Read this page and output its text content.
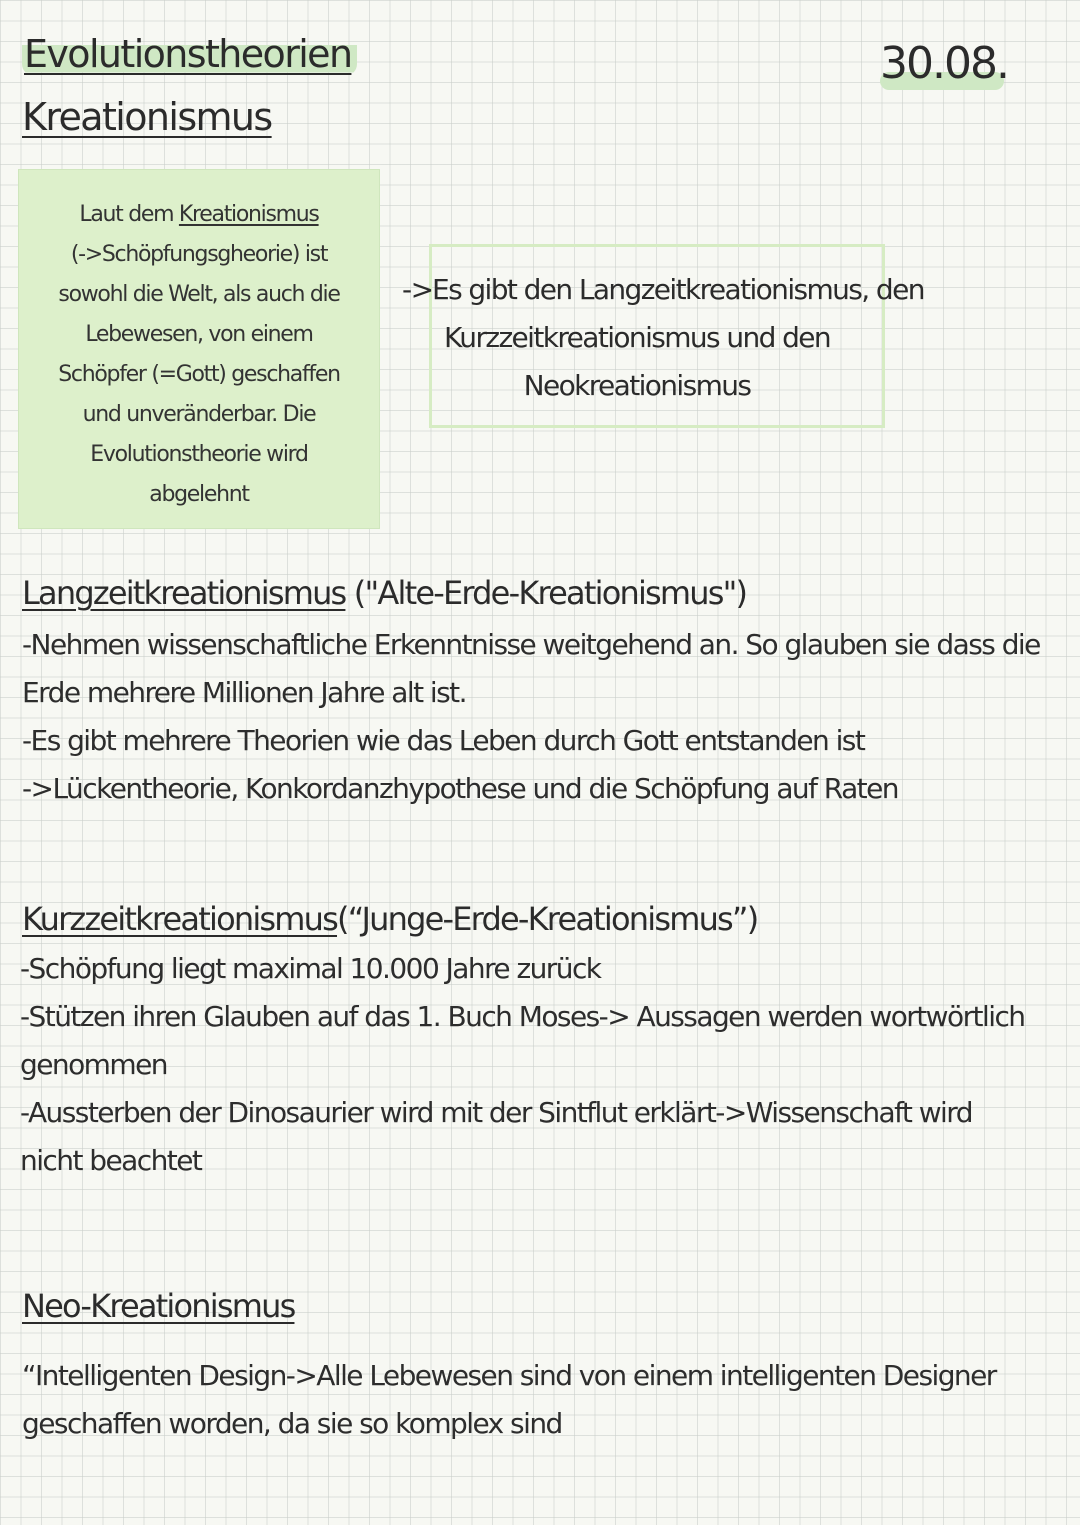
Evolutionstheorien
Kreationismus
30.08.
Laut dem Kreationismus
(->Schöpfungsgheorie) ist
sowohl die Welt, als auch die
Lebewesen, von einem
Schöpfer (=Gott) geschaffen
und unveränderbar. Die
Evolutionstheorie wird
abgelehnt
-> Es gibt den Langzeitkreationismus, den
Kurzzeitkreationismus und den
Neokreationismus
Langzeitkreationismus ("Alte-Erde-Kreationismus")
-Nehmen wissenschaftliche Erkenntnisse weitgehend an. So glauben sie dass die
Erde mehrere Millionen Jahre alt ist.
-Es gibt mehrere Theorien wie das Leben durch Gott entstanden ist
->Lückentheorie, Konkordanzhypothese und die Schöpfung auf Raten
Kurzzeitkreationismus(“Junge-Erde-Kreationismus”)
-Schöpfung liegt maximal 10.000 Jahre zurück
-Stützen ihren Glauben auf das 1. Buch Moses-> Aussagen werden wortwörtlich
genommen
-Aussterben der Dinosaurier wird mit der Sintflut erklärt->Wissenschaft wird
nicht beachtet
Neo-Kreationismus
“Intelligenten Design->Alle Lebewesen sind von einem intelligenten Designer
geschaffen worden, da sie so komplex sind
